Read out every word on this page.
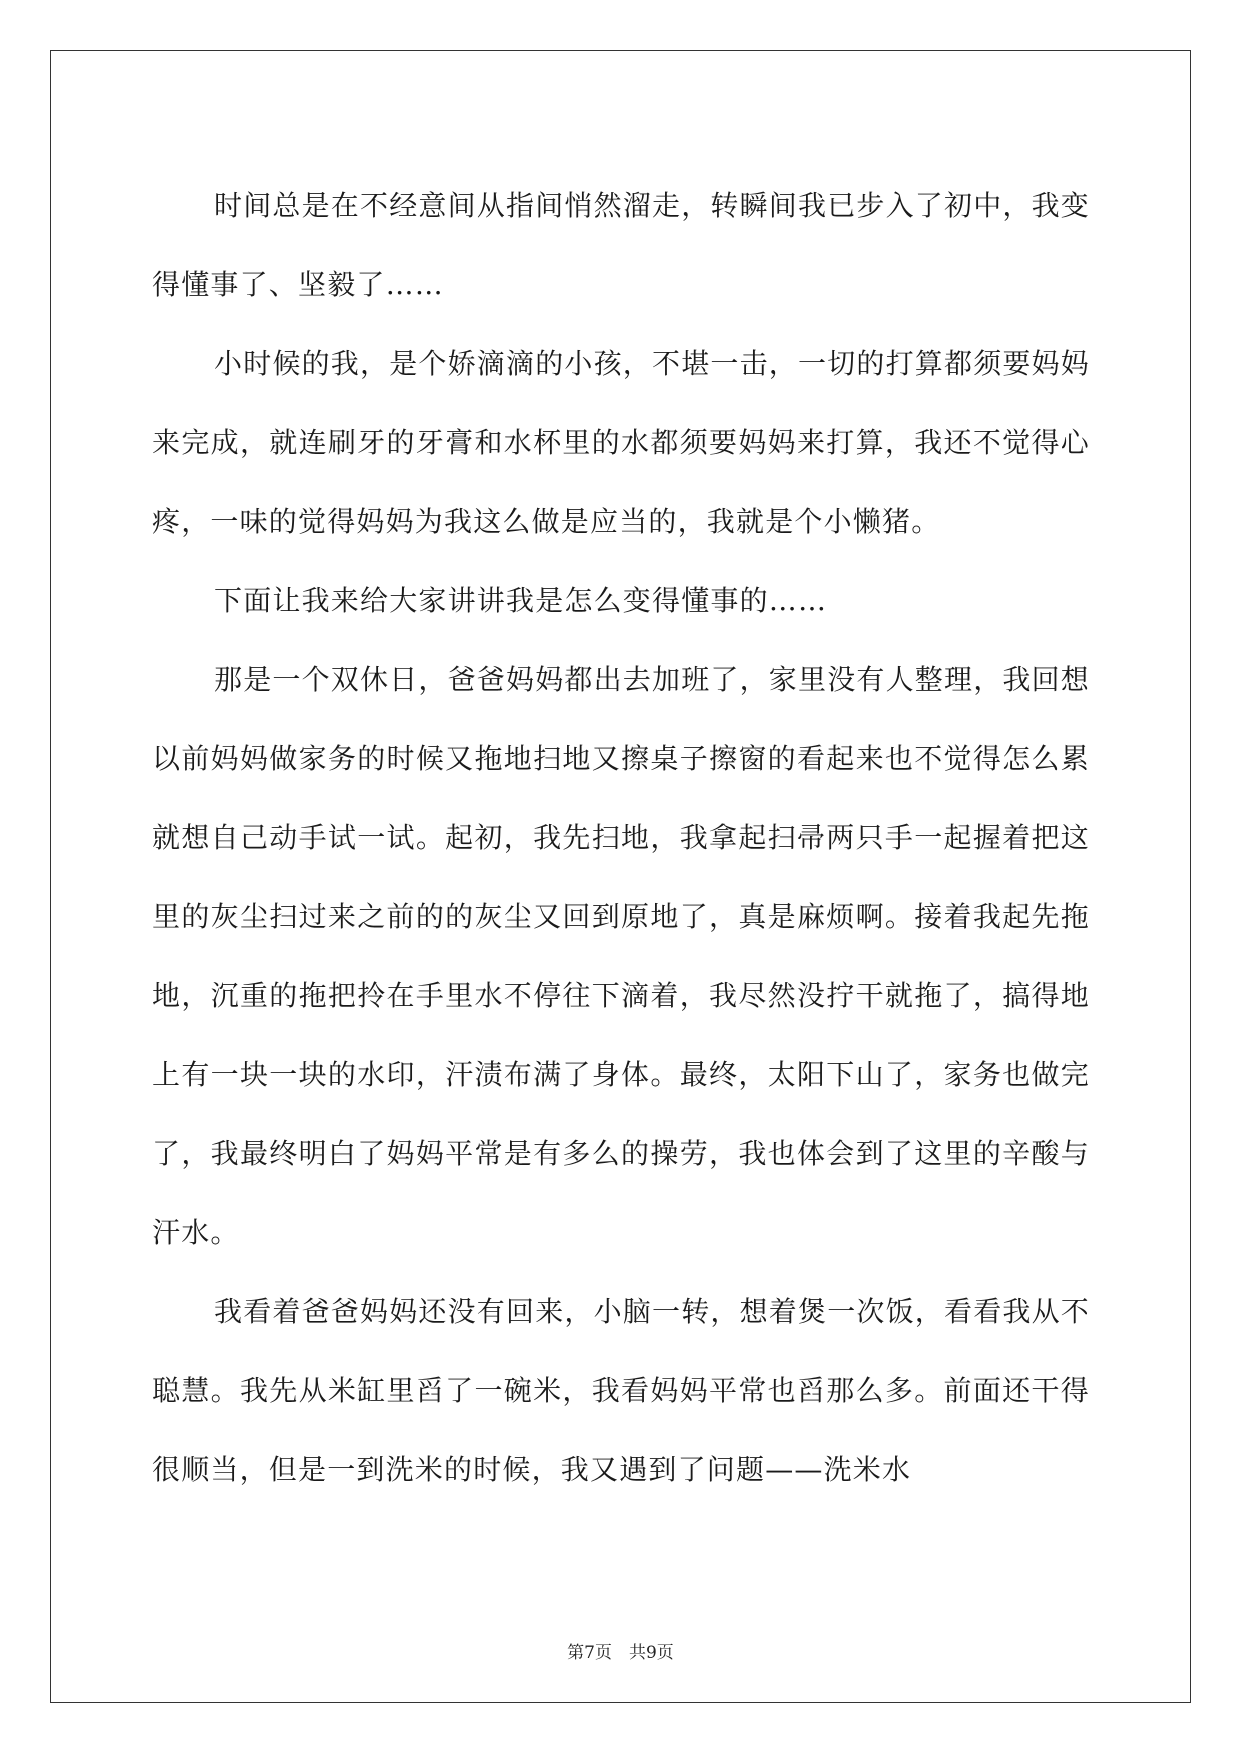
时间总是在不经意间从指间悄然溜走，转瞬间我已步入了初中，我变得懂事了、坚毅了……

小时候的我，是个娇滴滴的小孩，不堪一击，一切的打算都须要妈妈来完成，就连刷牙的牙膏和水杯里的水都须要妈妈来打算，我还不觉得心疼，一味的觉得妈妈为我这么做是应当的，我就是个小懒猪。

下面让我来给大家讲讲我是怎么变得懂事的……

那是一个双休日，爸爸妈妈都出去加班了，家里没有人整理，我回想以前妈妈做家务的时候又拖地扫地又擦桌子擦窗的看起来也不觉得怎么累就想自己动手试一试。起初，我先扫地，我拿起扫帚两只手一起握着把这里的灰尘扫过来之前的的灰尘又回到原地了，真是麻烦啊。接着我起先拖地，沉重的拖把拎在手里水不停往下滴着，我尽然没拧干就拖了，搞得地上有一块一块的水印，汗渍布满了身体。最终，太阳下山了，家务也做完了，我最终明白了妈妈平常是有多么的操劳，我也体会到了这里的辛酸与汗水。

我看着爸爸妈妈还没有回来，小脑一转，想着煲一次饭，看看我从不聪慧。我先从米缸里舀了一碗米，我看妈妈平常也舀那么多。前面还干得很顺当，但是一到洗米的时候，我又遇到了问题——洗米水

第7页　共9页
